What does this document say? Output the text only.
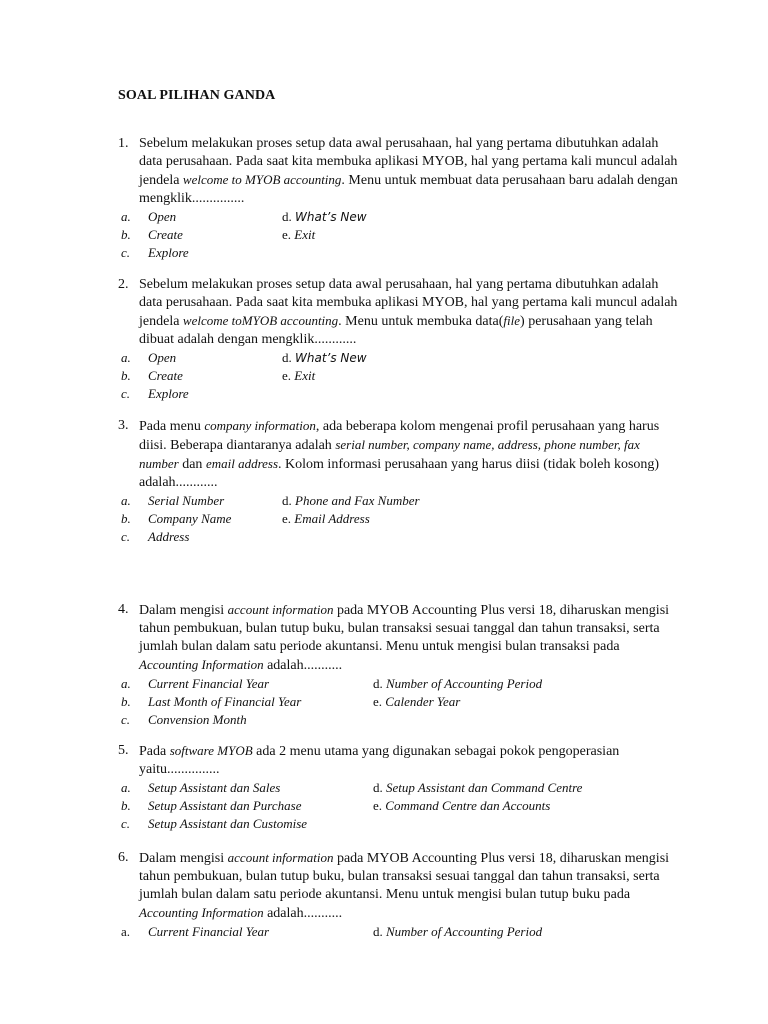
SOAL PILIHAN GANDA
1. Sebelum melakukan proses setup data awal perusahaan, hal yang pertama dibutuhkan adalah data perusahaan. Pada saat kita membuka aplikasi MYOB, hal yang pertama kali muncul adalah jendela welcome to MYOB accounting. Menu untuk membuat data perusahaan baru adalah dengan mengklik...............
a. Open	d. What’s New
b. Create	e. Exit
c. Explore
2. Sebelum melakukan proses setup data awal perusahaan, hal yang pertama dibutuhkan adalah data perusahaan. Pada saat kita membuka aplikasi MYOB, hal yang pertama kali muncul adalah jendela welcome toMYOB accounting. Menu untuk membuka data(file) perusahaan yang telah dibuat adalah dengan mengklik............
a. Open	d. What’s New
b. Create	e. Exit
c. Explore
3. Pada menu company information, ada beberapa kolom mengenai profil perusahaan yang harus diisi. Beberapa diantaranya adalah serial number, company name, address, phone number, fax number dan email address. Kolom informasi perusahaan yang harus diisi (tidak boleh kosong) adalah............
a. Serial Number	d. Phone and Fax Number
b. Company Name	e. Email Address
c. Address
4. Dalam mengisi account information pada MYOB Accounting Plus versi 18, diharuskan mengisi tahun pembukuan, bulan tutup buku, bulan transaksi sesuai tanggal dan tahun transaksi, serta jumlah bulan dalam satu periode akuntansi. Menu untuk mengisi bulan transaksi pada Accounting Information adalah...........
a. Current Financial Year	d. Number of Accounting Period
b. Last Month of Financial Year	e. Calender Year
c. Convension Month
5. Pada software MYOB ada 2 menu utama yang digunakan sebagai pokok pengoperasian yaitu...............
a. Setup Assistant dan Sales	d. Setup Assistant dan Command Centre
b. Setup Assistant dan Purchase	e. Command Centre dan Accounts
c. Setup Assistant dan Customise
6. Dalam mengisi account information pada MYOB Accounting Plus versi 18, diharuskan mengisi tahun pembukuan, bulan tutup buku, bulan transaksi sesuai tanggal dan tahun transaksi, serta jumlah bulan dalam satu periode akuntansi. Menu untuk mengisi bulan tutup buku pada Accounting Information adalah...........
a. Current Financial Year	d. Number of Accounting Period
